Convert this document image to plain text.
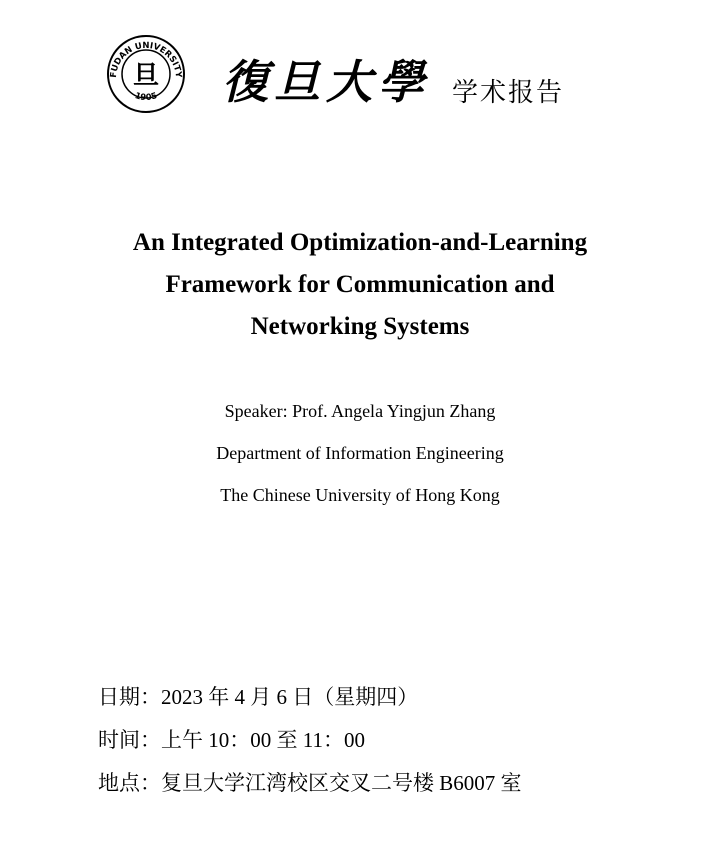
FUDAN UNIVERSITY
1905
旦 復旦大學 学术报告
An Integrated Optimization-and-Learning
Framework for Communication and
Networking Systems
Speaker: Prof. Angela Yingjun Zhang
Department of Information Engineering
The Chinese University of Hong Kong
日期：2023 年 4 月 6 日（星期四）
时间：上午 10：00 至 11：00
地点：复旦大学江湾校区交叉二号楼 B6007 室
